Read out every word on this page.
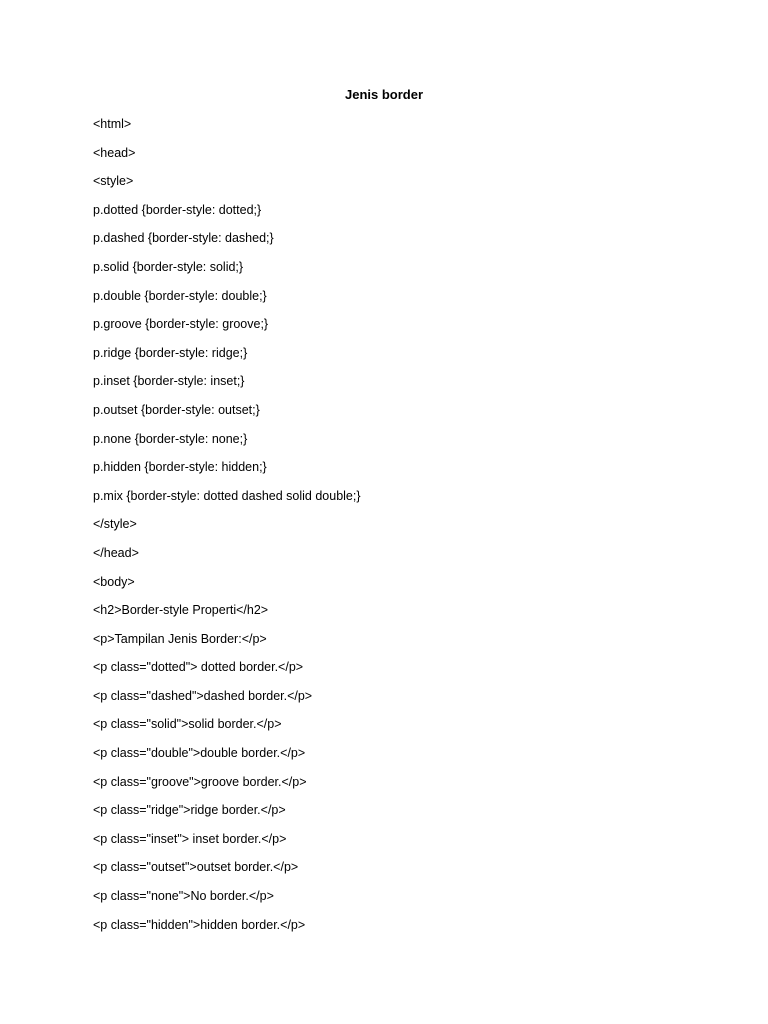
Jenis border
<html>
<head>
<style>
p.dotted {border-style: dotted;}
p.dashed {border-style: dashed;}
p.solid {border-style: solid;}
p.double {border-style: double;}
p.groove {border-style: groove;}
p.ridge {border-style: ridge;}
p.inset {border-style: inset;}
p.outset {border-style: outset;}
p.none {border-style: none;}
p.hidden {border-style: hidden;}
p.mix {border-style: dotted dashed solid double;}
</style>
</head>
<body>
<h2>Border-style Properti</h2>
<p>Tampilan Jenis Border:</p>
<p class="dotted"> dotted border.</p>
<p class="dashed">dashed border.</p>
<p class="solid">solid border.</p>
<p class="double">double border.</p>
<p class="groove">groove border.</p>
<p class="ridge">ridge border.</p>
<p class="inset"> inset border.</p>
<p class="outset">outset border.</p>
<p class="none">No border.</p>
<p class="hidden">hidden border.</p>
